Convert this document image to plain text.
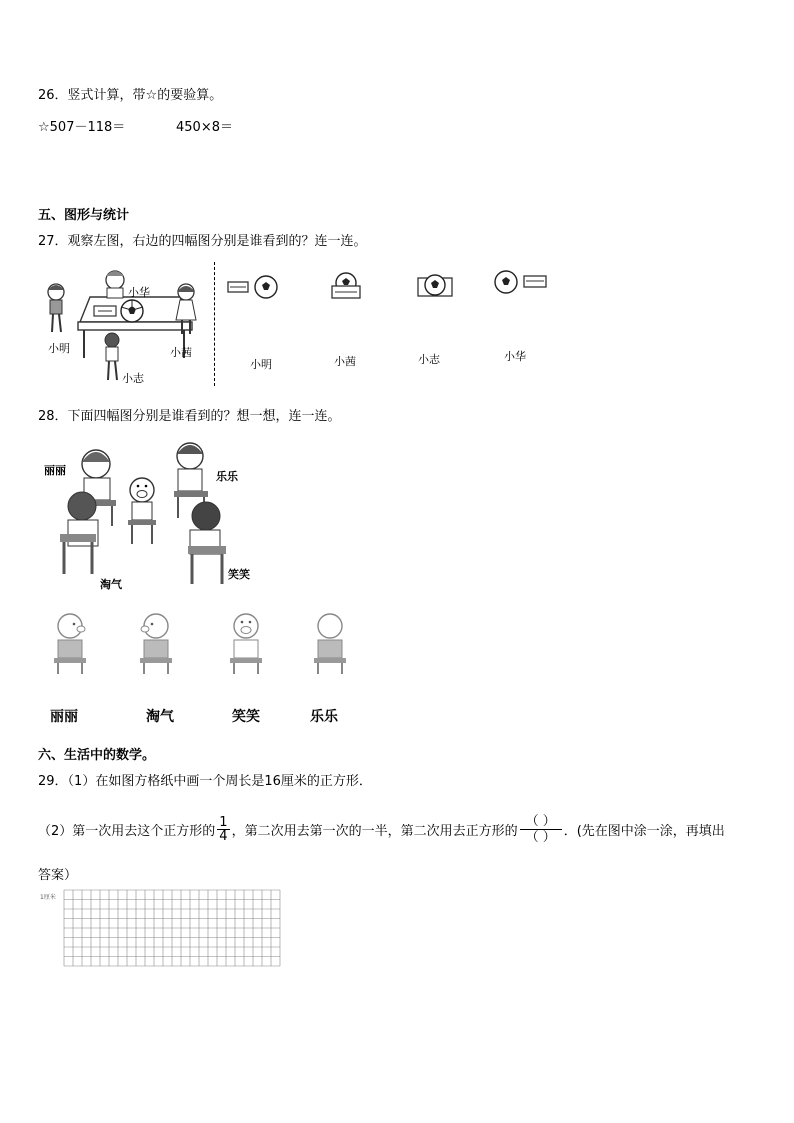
26．竖式计算，带☆的要验算。
☆507－118＝	450×8＝
五、图形与统计
27．观察左图，右边的四幅图分别是谁看到的？连一连。
小华
小明	小茜
小志
小明	小茜	小志	小华
28．下面四幅图分别是谁看到的？想一想，连一连。
丽丽	乐乐
淘气
笑笑
丽丽	淘气	笑笑	乐乐
六、生活中的数学。
29．（1）在如图方格纸中画一个周长是16厘米的正方形．
（2）第一次用去这个正方形的 $\frac{1}{4}$ ，第二次用去第一次的一半，第二次用去正方形的 $\frac{( )}{( )}$ ．(先在图中涂一涂，再填出
答案）
1厘米
